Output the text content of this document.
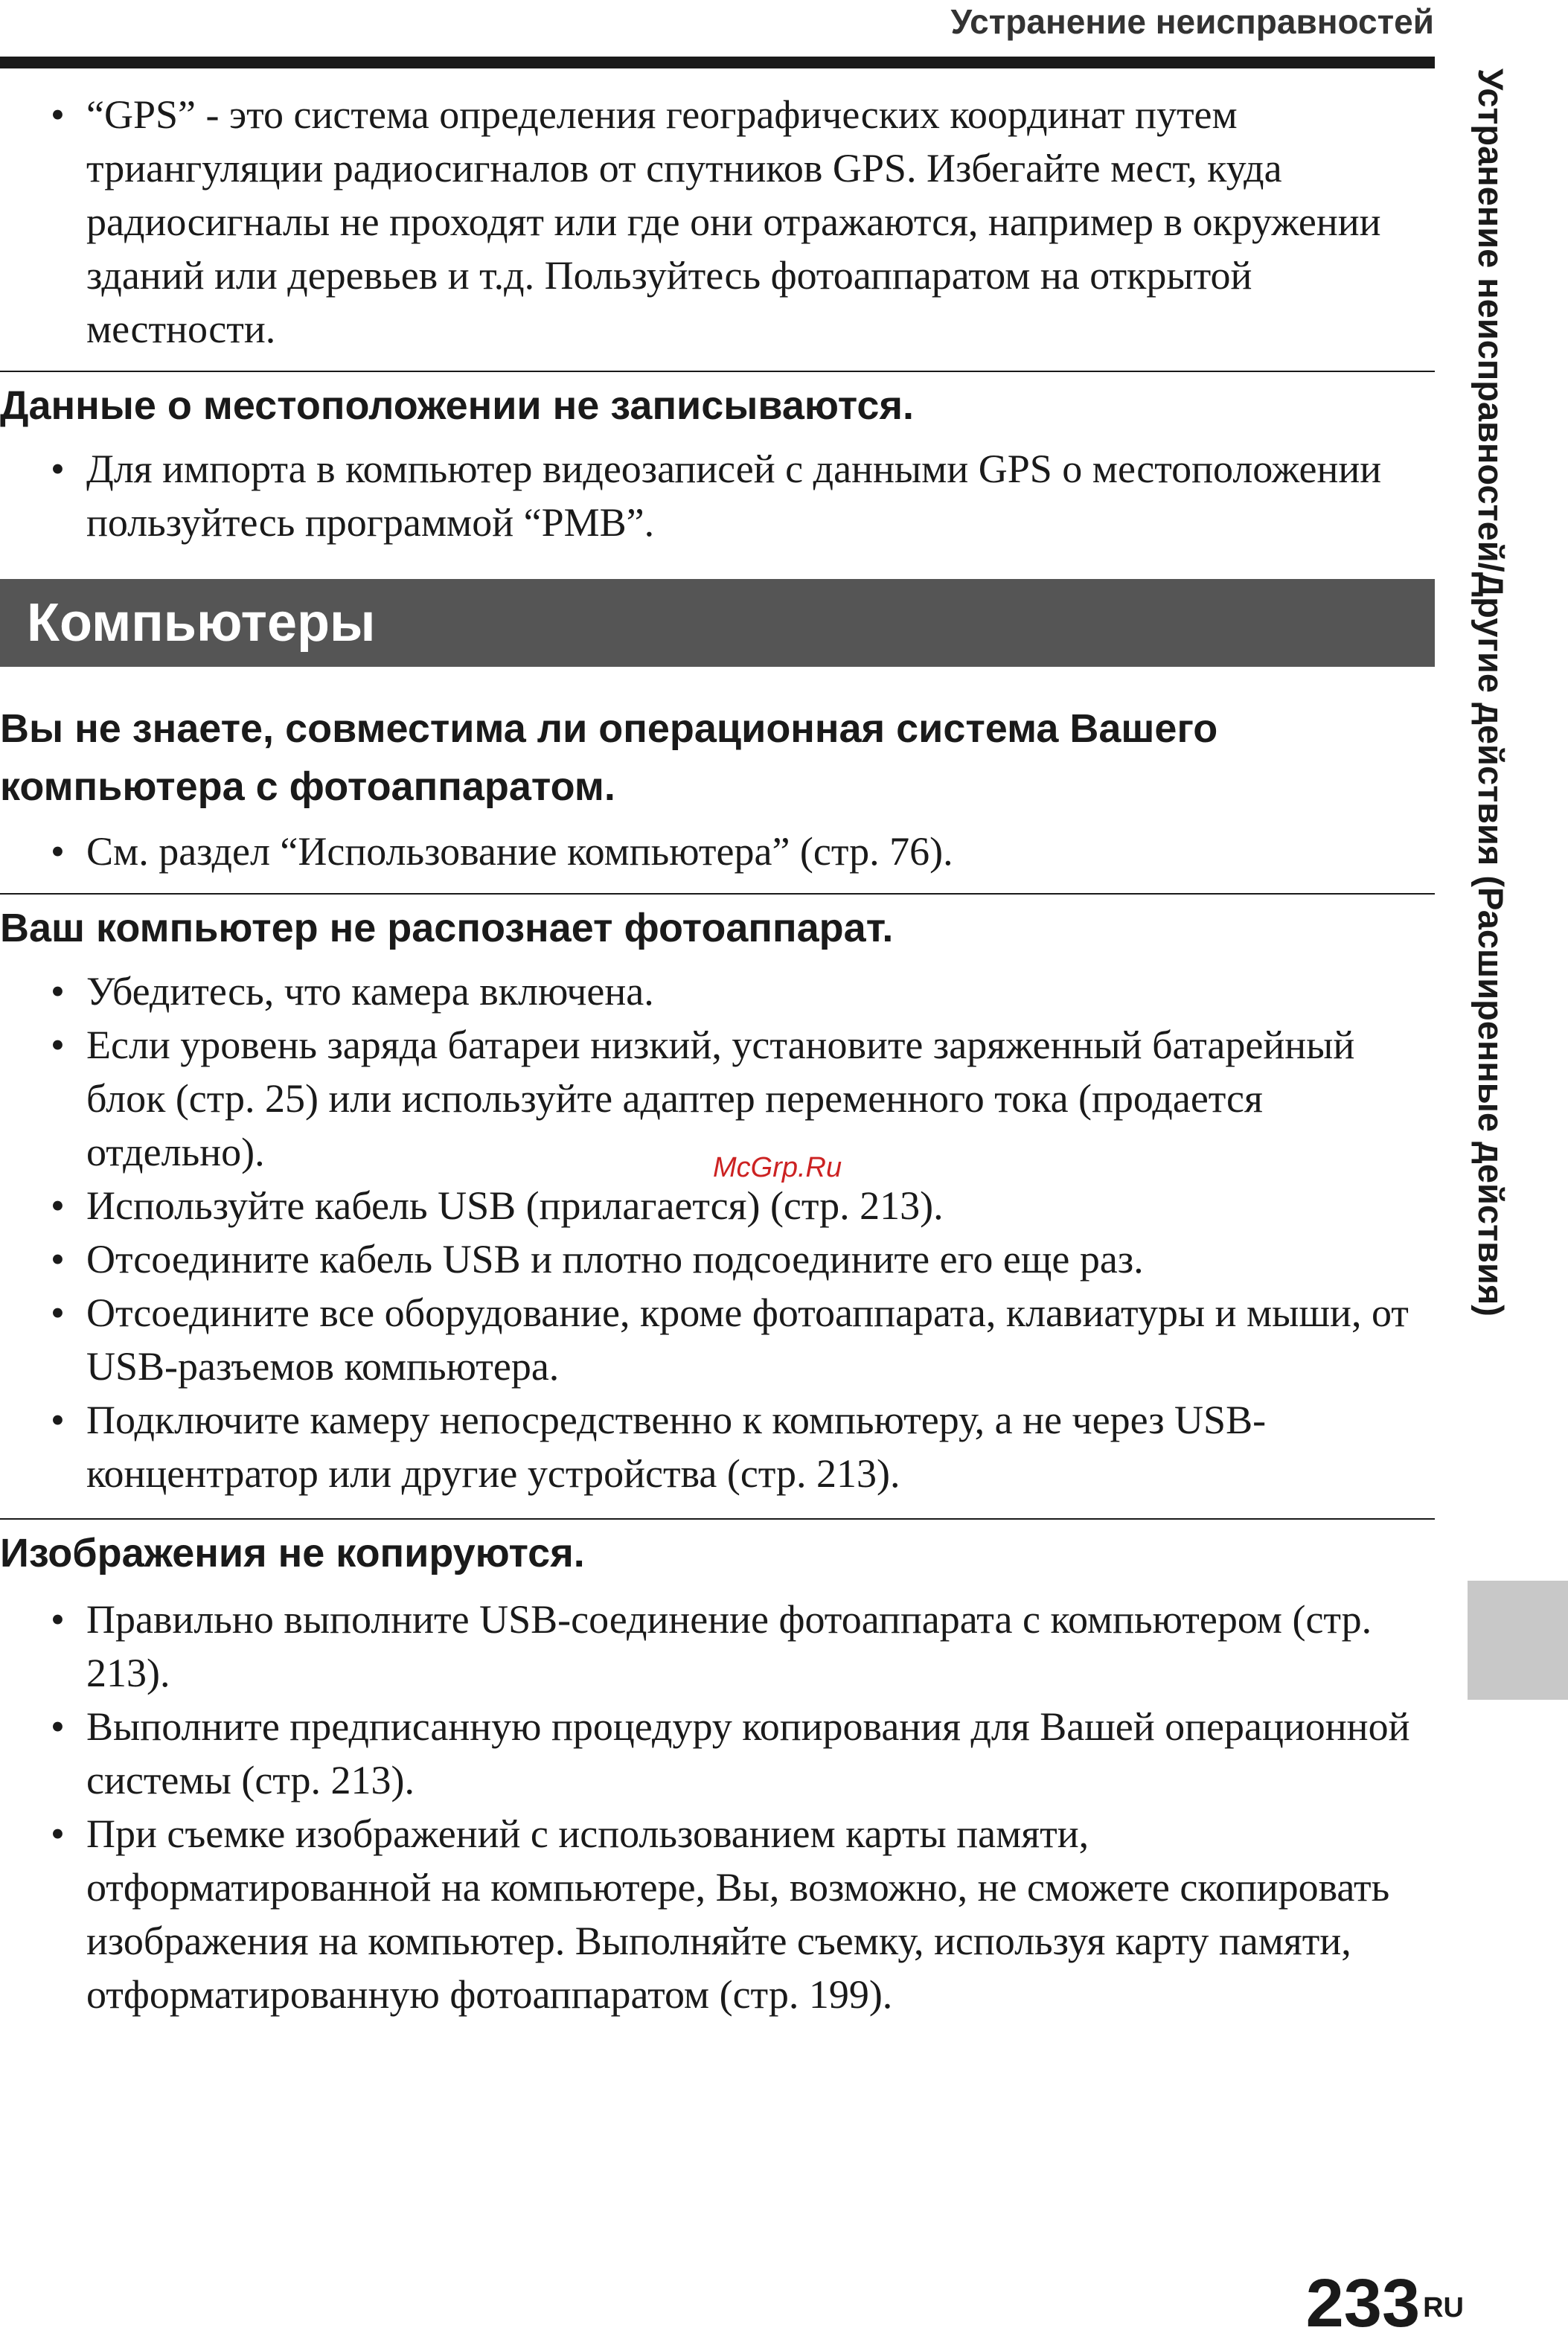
Устранение неисправностей
• “GPS” - это система определения географических координат путем триангуляции радиосигналов от спутников GPS. Избегайте мест, куда радиосигналы не проходят или где они отражаются, например в окружении зданий или деревьев и т.д. Пользуйтесь фотоаппаратом на открытой местности.
Данные о местоположении не записываются.
• Для импорта в компьютер видеозаписей с данными GPS о местоположении пользуйтесь программой “PMB”.
Компьютеры
Вы не знаете, совместима ли операционная система Вашего компьютера с фотоаппаратом.
• См. раздел “Использование компьютера” (стр. 76).
Ваш компьютер не распознает фотоаппарат.
• Убедитесь, что камера включена.
• Если уровень заряда батареи низкий, установите заряженный батарейный блок (стр. 25) или используйте адаптер переменного тока (продается отдельно).
• Используйте кабель USB (прилагается) (стр. 213).
• Отсоедините кабель USB и плотно подсоедините его еще раз.
• Отсоедините все оборудование, кроме фотоаппарата, клавиатуры и мыши, от USB-разъемов компьютера.
• Подключите камеру непосредственно к компьютеру, а не через USB-концентратор или другие устройства (стр. 213).
Изображения не копируются.
• Правильно выполните USB-соединение фотоаппарата с компьютером (стр. 213).
• Выполните предписанную процедуру копирования для Вашей операционной системы (стр. 213).
• При съемке изображений с использованием карты памяти, отформатированной на компьютере, Вы, возможно, не сможете скопировать изображения на компьютер. Выполняйте съемку, используя карту памяти, отформатированную фотоаппаратом (стр. 199).
McGrp.Ru	Устранение неисправностей/Другие действия (Расширенные действия)
233 $^{RU}$
